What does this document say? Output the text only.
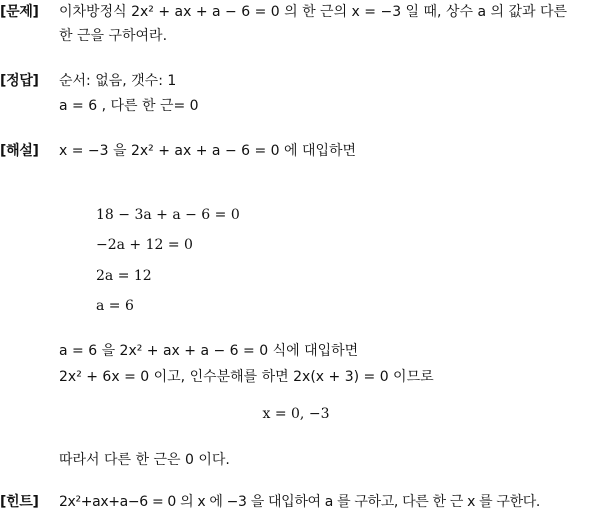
[문제] 이차방정식 2x² + ax + a − 6 = 0 의 한 근의 x = −3 일 때, 상수 a 의 값과 다른
한 근을 구하여라.
[정답] 순서: 없음, 갯수: 1
a = 6 , 다른 한 근= 0
[해설] x = −3 을 2x² + ax + a − 6 = 0 에 대입하면
18 − 3a + a − 6 = 0
−2a + 12 = 0
2a = 12
a = 6
a = 6 을 2x² + ax + a − 6 = 0 식에 대입하면
2x² + 6x = 0 이고, 인수분해를 하면 2x(x + 3) = 0 이므로
x = 0, −3
따라서 다른 한 근은 0 이다.
[힌트] 2x²+ax+a−6 = 0 의 x 에 −3 을 대입하여 a 를 구하고, 다른 한 근 x 를 구한다.
